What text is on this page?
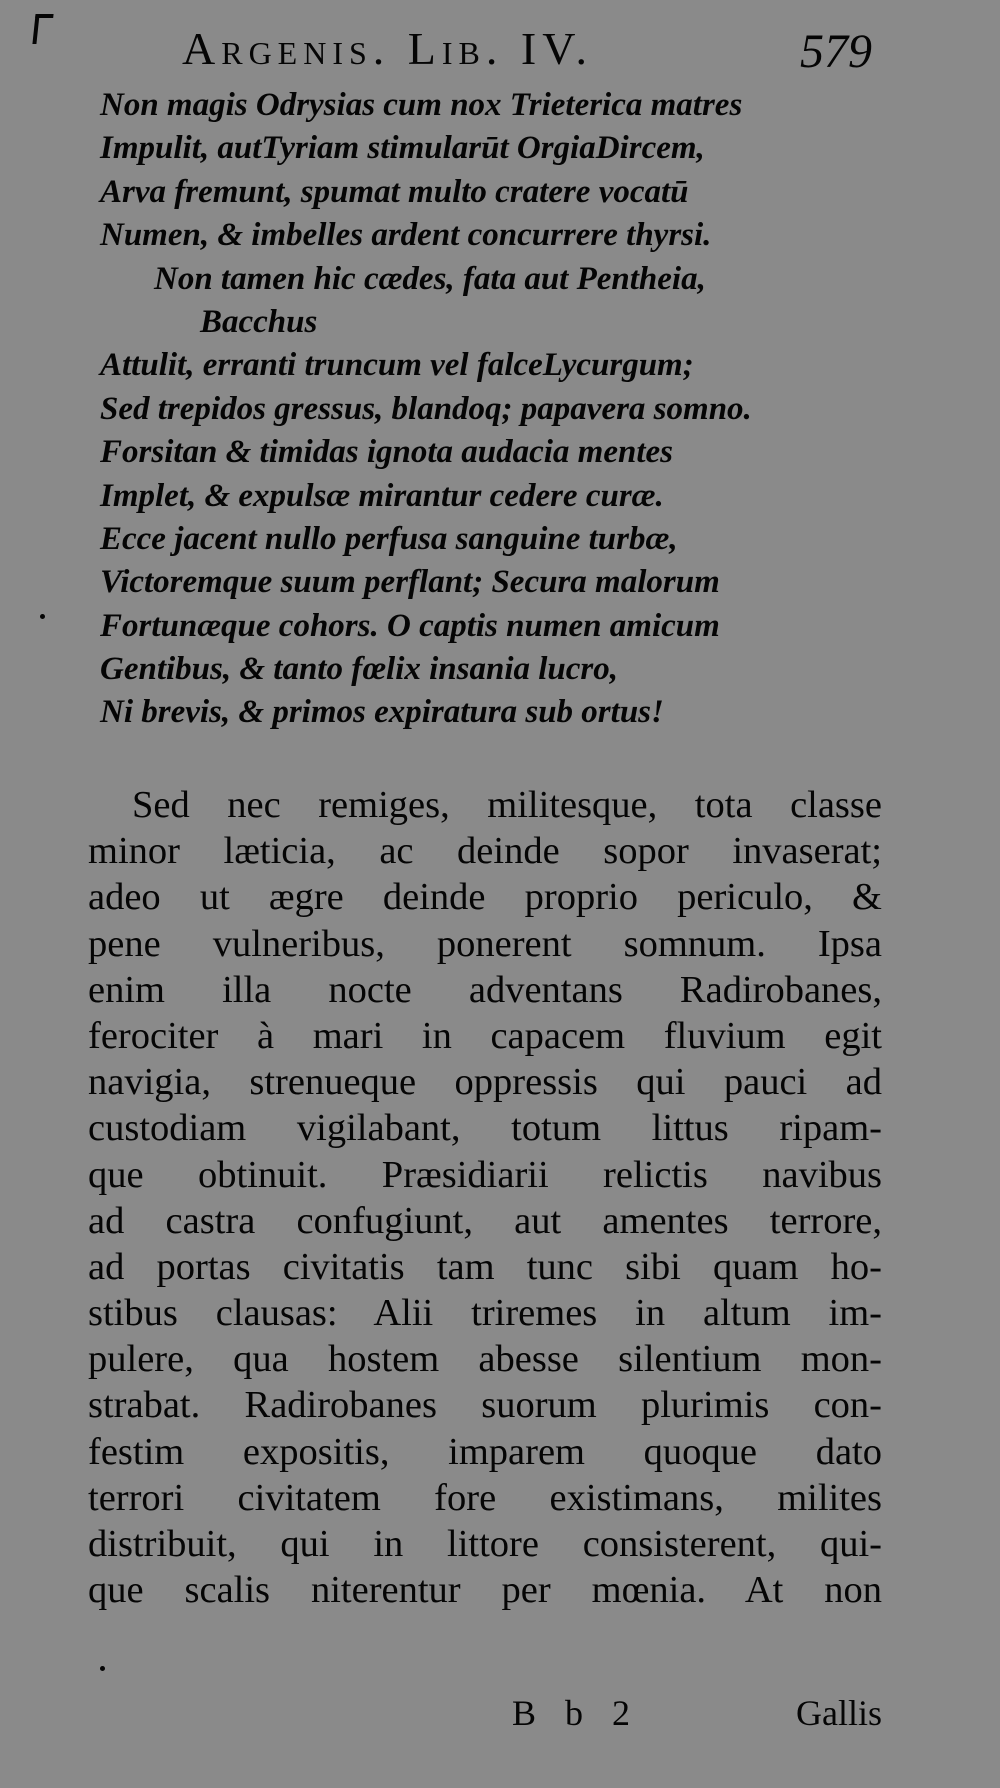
Argenis. Lib. IV.	579
Non magis Odrysias cum nox Trieterica matres
Impulit, autTyriam stimularūt OrgiaDircem,
Arva fremunt, spumat multo cratere vocatū
Numen, & imbelles ardent concurrere thyrsi.
Non tamen hic cædes, fata aut Pentheia,
Bacchus
Attulit, erranti truncum vel falceLycurgum;
Sed trepidos gressus, blandoq; papavera somno.
Forsitan & timidas ignota audacia mentes
Implet, & expulsæ mirantur cedere curæ.
Ecce jacent nullo perfusa sanguine turbæ,
Victoremque suum perflant; Secura malorum
Fortunæque cohors. O captis numen amicum
Gentibus, & tanto fœlix insania lucro,
Ni brevis, & primos expiratura sub ortus!
Sed nec remiges, militesque, tota classe
minor læticia, ac deinde sopor invaserat;
adeo ut ægre deinde proprio periculo, &
pene vulneribus, ponerent somnum. Ipsa
enim illa nocte adventans Radirobanes,
ferociter à mari in capacem fluvium egit
navigia, strenueque oppressis qui pauci ad
custodiam vigilabant, totum littus ripam-
que obtinuit. Præsidiarii relictis navibus
ad castra confugiunt, aut amentes terrore,
ad portas civitatis tam tunc sibi quam ho-
stibus clausas: Alii triremes in altum im-
pulere, qua hostem abesse silentium mon-
strabat. Radirobanes suorum plurimis con-
festim expositis, imparem quoque dato
terrori civitatem fore existimans, milites
distribuit, qui in littore consisterent, qui-
que scalis niterentur per mœnia. At non
B b 2	Gallis
